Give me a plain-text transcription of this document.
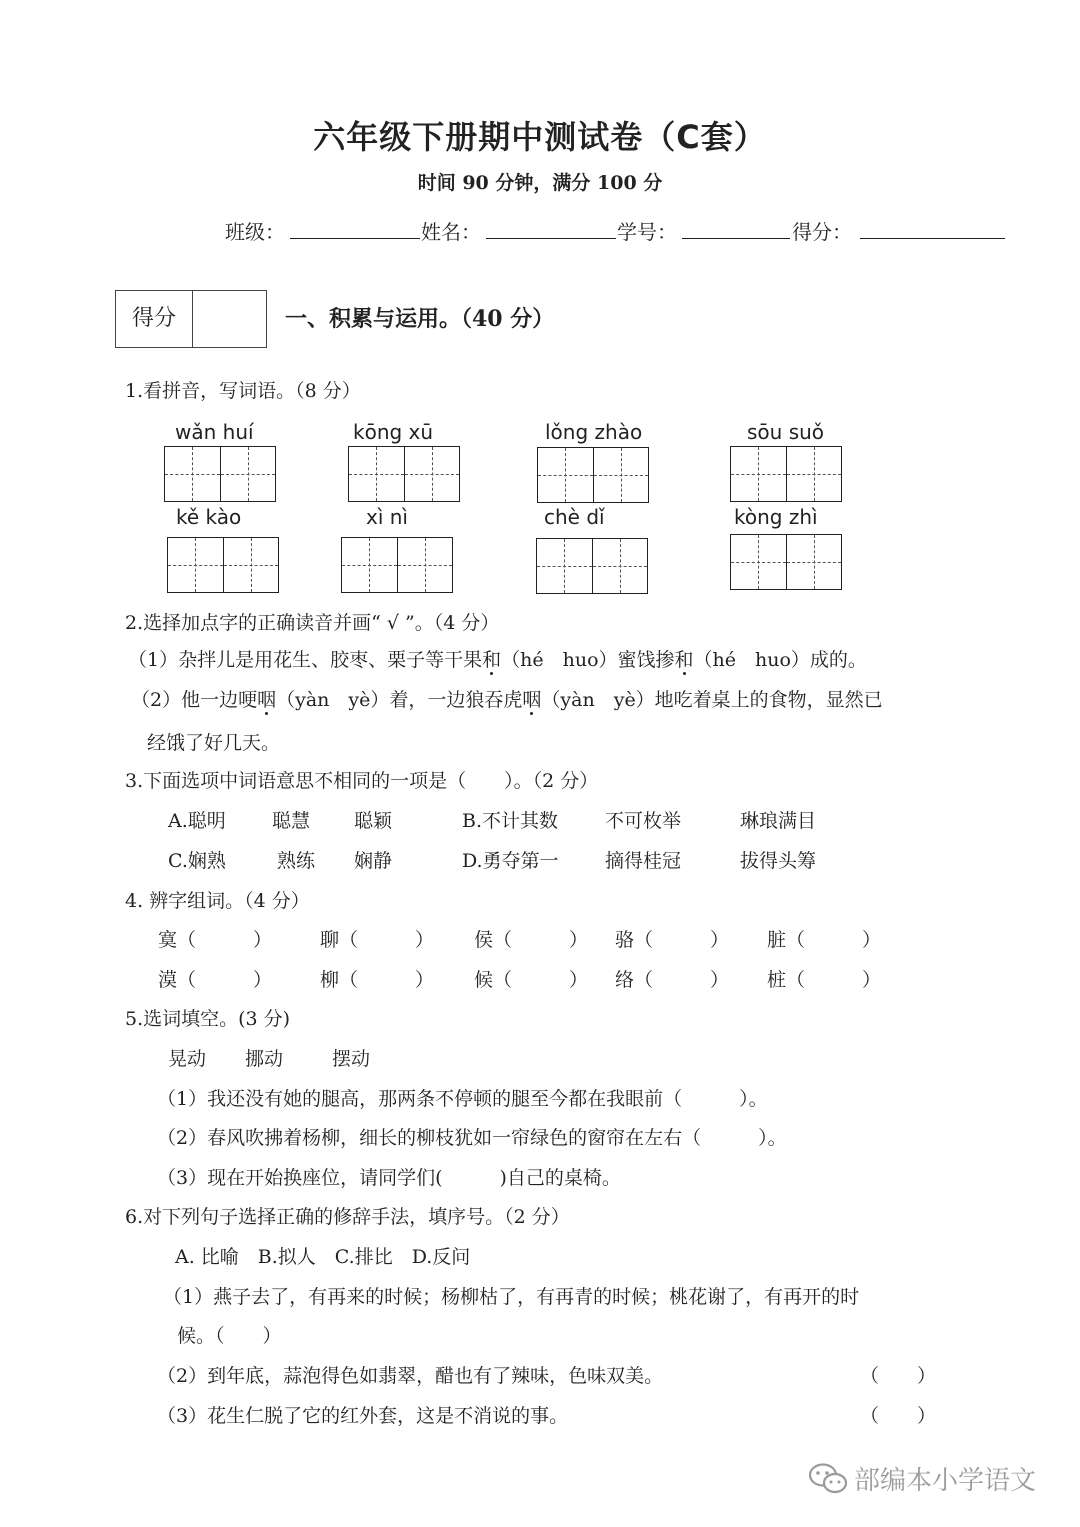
六年级下册期中测试卷（C套）
时间 90 分钟，满分 100 分
班级：	姓名：	学号：	得分：
得分	一、积累与运用。（40 分）
1.看拼音，写词语。（8 分）
wǎn huí	kōng xū	lǒng zhào	sōu suǒ
kě kào	xì nì	chè dǐ	kòng zhì
2.选择加点字的正确读音并画“ √ ”。（4 分）
（1）杂拌儿是用花生、胶枣、栗子等干果和（hé　huo）蜜饯掺和（hé　huo）成的。
（2）他一边哽咽（yàn　yè）着，一边狼吞虎咽（yàn　yè）地吃着桌上的食物，显然已
经饿了好几天。
3.下面选项中词语意思不相同的一项是（　　）。（2 分）
A.聪明 聪慧 聪颖	B.不计其数 不可枚举	琳琅满目
C.娴熟	熟练 娴静	D.勇夺第一 摘得桂冠	拔得头筹
4. 辨字组词。（4 分）
寞（　　　）	聊（　　　） 侯（　　　） 骆（　　　） 脏（　　　）
漠（　　　）	柳（　　　） 候（　　　） 络（　　　） 桩（　　　）
5.选词填空。(3 分)
晃动 挪动	摆动
（1）我还没有她的腿高，那两条不停顿的腿至今都在我眼前（　　　）。
（2）春风吹拂着杨柳，细长的柳枝犹如一帘绿色的窗帘在左右（　　　）。
（3）现在开始换座位，请同学们(　　　)自己的桌椅。
6.对下列句子选择正确的修辞手法，填序号。（2 分）
A. 比喻　B.拟人　C.排比　D.反问
（1）燕子去了，有再来的时候；杨柳枯了，有再青的时候；桃花谢了，有再开的时
候。（　　）
（2）到年底，蒜泡得色如翡翠，醋也有了辣味，色味双美。	（　　）
（3）花生仁脱了它的红外套，这是不消说的事。	（　　）
部编本小学语文
